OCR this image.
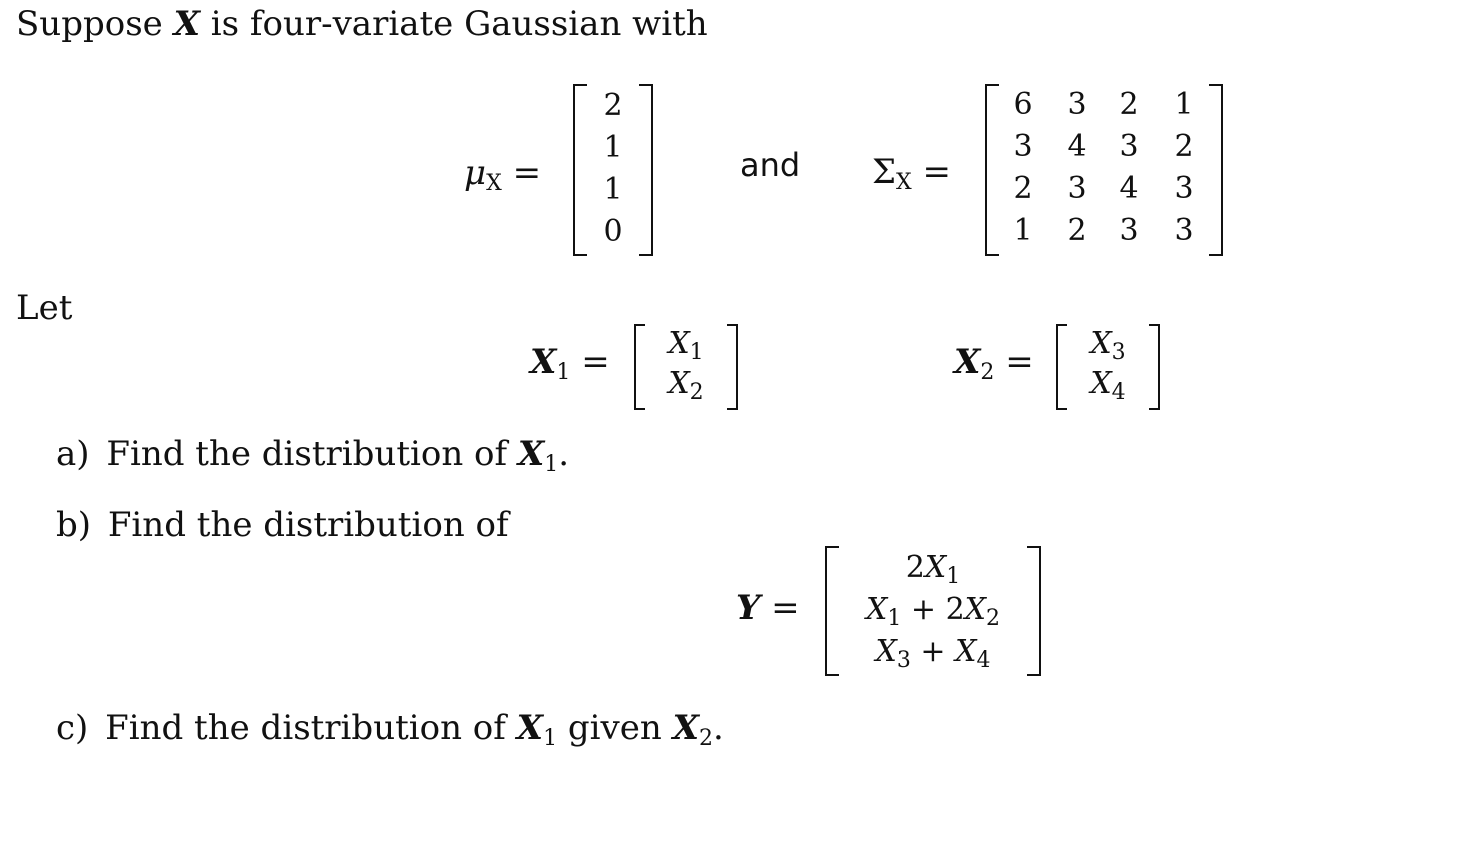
Suppose X is four-variate Gaussian with
$\mu_X$ =
2
1
1
0
and $\Sigma_X$ =
6	3	2	1
3	4	3	2
2	3	4	3
1	2	3	3
Let
$X_1$ =	$X_1$
$X_2$
$X_2$ =	$X_3$
$X_4$
a) Find the distribution of $X_1$.
b) Find the distribution of
Y =
$2X_1$
$X_1 + 2X_2$
$X_3 + X_4$
c) Find the distribution of $X_1$ given $X_2$.
